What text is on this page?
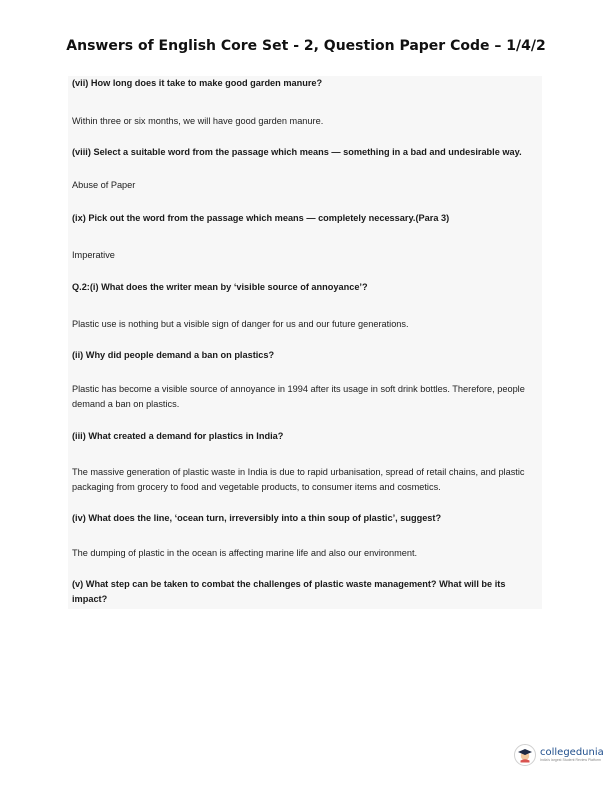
Answers of English Core Set - 2, Question Paper Code – 1/4/2

(vii) How long does it take to make good garden manure?

Within three or six months, we will have good garden manure.

(viii) Select a suitable word from the passage which means — something in a bad and undesirable way.

Abuse of Paper

(ix) Pick out the word from the passage which means — completely necessary.(Para 3)

Imperative

Q.2:(i) What does the writer mean by ‘visible source of annoyance’?

Plastic use is nothing but a visible sign of danger for us and our future generations.

(ii) Why did people demand a ban on plastics?

Plastic has become a visible source of annoyance in 1994 after its usage in soft drink bottles. Therefore, people demand a ban on plastics.

(iii) What created a demand for plastics in India?

The massive generation of plastic waste in India is due to rapid urbanisation, spread of retail chains, and plastic packaging from grocery to food and vegetable products, to consumer items and cosmetics.

(iv) What does the line, ‘ocean turn, irreversibly into a thin soup of plastic’, suggest?

The dumping of plastic in the ocean is affecting marine life and also our environment.

(v) What step can be taken to combat the challenges of plastic waste management? What will be its impact?

collegedunia
India's largest Student Review Platform
